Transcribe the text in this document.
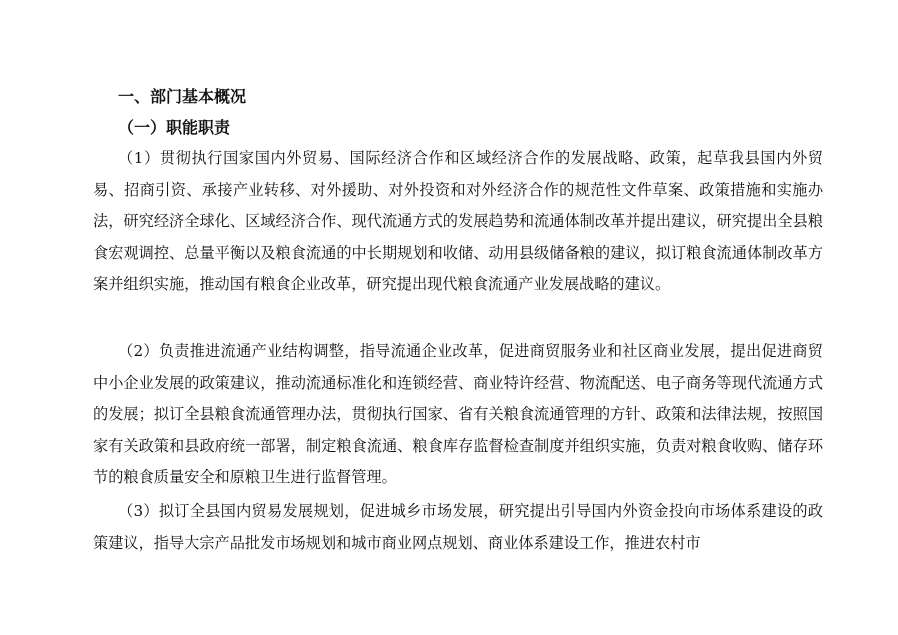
一、部门基本概况
（一）职能职责
（1）贯彻执行国家国内外贸易、国际经济合作和区域经济合作的发展战略、政策，起草我县国内外贸易、招商引资、承接产业转移、对外援助、对外投资和对外经济合作的规范性文件草案、政策措施和实施办法，研究经济全球化、区域经济合作、现代流通方式的发展趋势和流通体制改革并提出建议，研究提出全县粮食宏观调控、总量平衡以及粮食流通的中长期规划和收储、动用县级储备粮的建议，拟订粮食流通体制改革方案并组织实施，推动国有粮食企业改革，研究提出现代粮食流通产业发展战略的建议。
（2）负责推进流通产业结构调整，指导流通企业改革，促进商贸服务业和社区商业发展，提出促进商贸中小企业发展的政策建议，推动流通标准化和连锁经营、商业特许经营、物流配送、电子商务等现代流通方式的发展；拟订全县粮食流通管理办法，贯彻执行国家、省有关粮食流通管理的方针、政策和法律法规，按照国家有关政策和县政府统一部署，制定粮食流通、粮食库存监督检查制度并组织实施，负责对粮食收购、储存环节的粮食质量安全和原粮卫生进行监督管理。
（3）拟订全县国内贸易发展规划，促进城乡市场发展，研究提出引导国内外资金投向市场体系建设的政策建议，指导大宗产品批发市场规划和城市商业网点规划、商业体系建设工作，推进农村市
